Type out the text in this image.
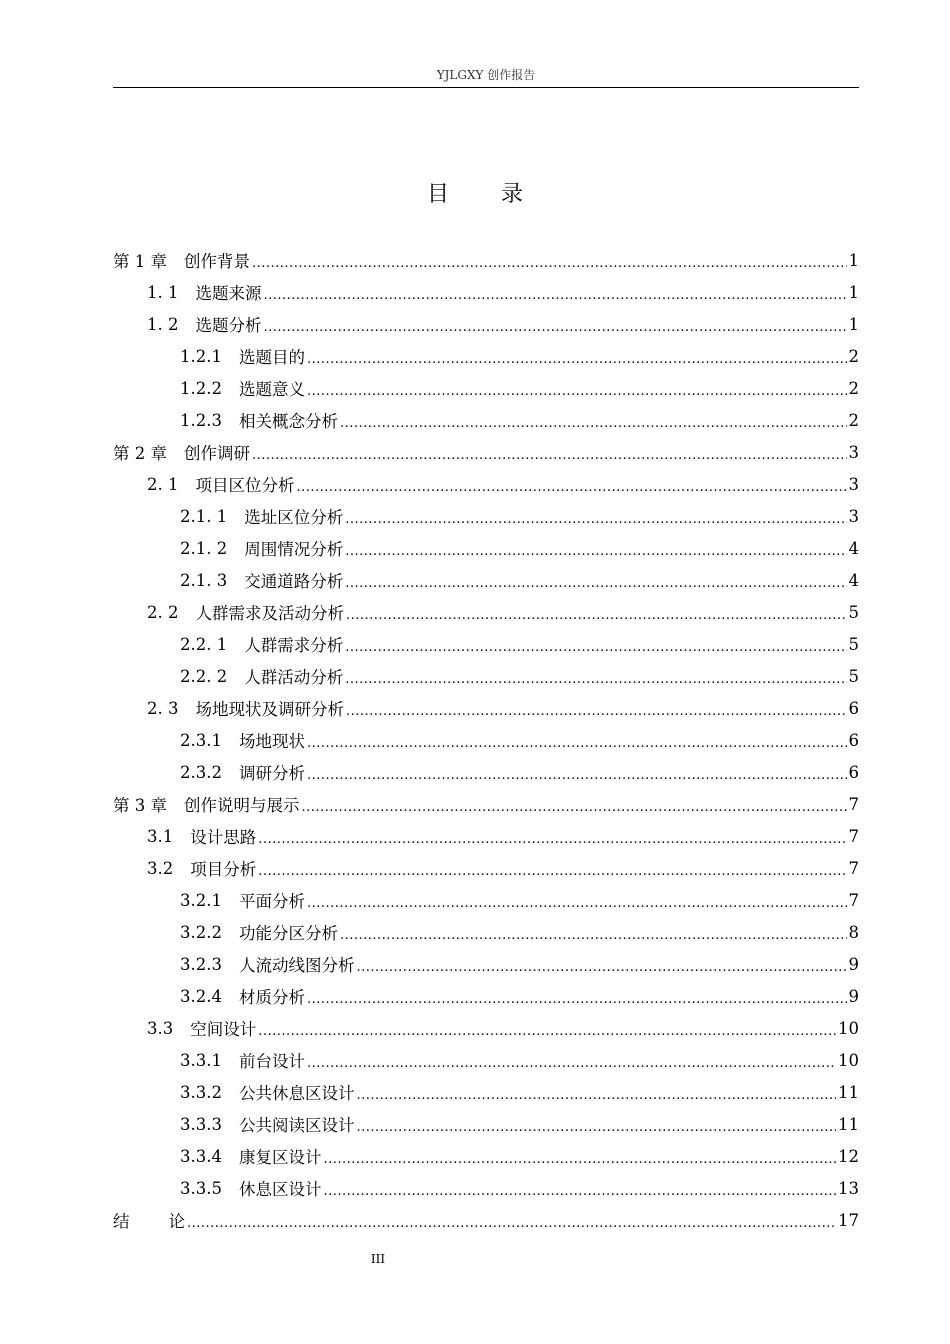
YJLGXY 创作报告
目 录
第 1 章 创作背景 .....	1
1. 1 选题来源 .....	1
1. 2 选题分析 .....	1
1.2.1 选题目的 .....	2
1.2.2 选题意义 .....	2
1.2.3 相关概念分析 .....	2
第 2 章 创作调研 .....	3
2. 1 项目区位分析 .....	3
2.1. 1 选址区位分析 .....	3
2.1. 2 周围情况分析 .....	4
2.1. 3 交通道路分析 .....	4
2. 2 人群需求及活动分析 .....	5
2.2. 1 人群需求分析 .....	5
2.2. 2 人群活动分析 .....	5
2. 3 场地现状及调研分析 .....	6
2.3.1 场地现状 .....	6
2.3.2 调研分析 .....	6
第 3 章 创作说明与展示 .....	7
3.1 设计思路 .....	7
3.2 项目分析 .....	7
3.2.1 平面分析 .....	7
3.2.2 功能分区分析 .....	8
3.2.3 人流动线图分析 .....	9
3.2.4 材质分析 .....	9
3.3 空间设计 .....	10
3.3.1 前台设计 .....	10
3.3.2 公共休息区设计 .....	11
3.3.3 公共阅读区设计 .....	11
3.3.4 康复区设计 .....	12
3.3.5 休息区设计 .....	13
结 论 .....	17
III
